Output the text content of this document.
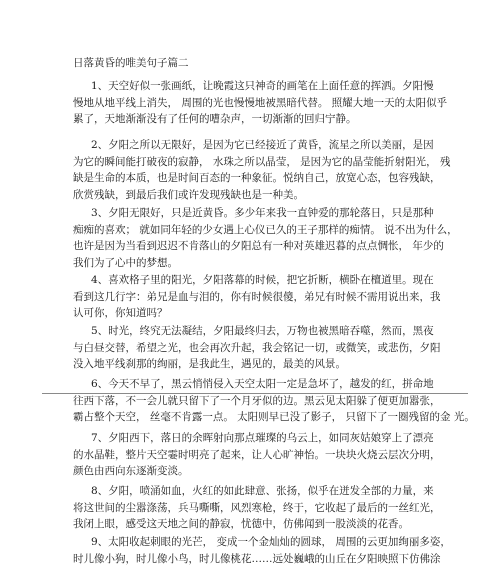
日落黄昏的唯美句子篇二
1、天空好似一张画纸，让晚霞这只神奇的画笔在上面任意的挥洒。夕阳慢
慢地从地平线上消失， 周围的光也慢慢地被黑暗代替。 照耀大地一天的太阳似乎
累了，天地渐渐没有了任何的嘈杂声，一切渐渐的回归宁静。
2、夕阳之所以无限好，是因为它已经接近了黄昏，流星之所以美丽，是因
为它的瞬间能打破夜的寂静， 水珠之所以晶莹， 是因为它的晶莹能折射阳光， 残
缺是生命的本质，也是时间百态的一种象征。悦纳自己，放宽心态，包容残缺，
欣赏残缺，到最后我们或许发现残缺也是一种美。
3、夕阳无限好，只是近黄昏。多少年来我一直钟爱的那轮落日，只是那种
痴痴的喜欢； 就如同年轻的少女遇上心仪已久的王子那样的痴情。 说不出为什么，
也许是因为当看到迟迟不肯落山的夕阳总有一种对英雄迟暮的点点惆怅， 年少的
我们为了心中的梦想。
4、喜欢格子里的阳光，夕阳落幕的时候，把它折断，横卧在檀道里。现在
看到这几行字：弟兄是血与泪的，你有时候很傻，弟兄有时候不需用说出来，我
认可你，你知道吗？
5、时光，终究无法凝结，夕阳最终归去，万物也被黑暗吞噬，然而，黑夜
与白昼交替，希望之光，也会再次升起，我会铭记一切，或微笑，或悲伤，夕阳
没入地平线刹那的绚丽，是我此生，遇见的，最美的风景。
6、今天不早了，黑云悄悄侵入天空太阳一定是急坏了，越发的红，拼命地
往西下落，不一会儿就只留下了一个月牙似的边。黑云见太阳躲了便更加嚣张，
霸占整个天空， 丝毫不肯露一点。 太阳则早已没了影子， 只留下了一圈残留的金 光。
7、夕阳西下，落日的余晖射向那点璀璨的乌云上，如同灰姑娘穿上了漂亮
的水晶鞋，整片天空霎时明亮了起来，让人心旷神怡。一块块火烧云层次分明，
颜色由西向东逐渐变淡。
8、夕阳，喷涌如血，火红的如此肆意、张扬，似乎在迸发全部的力量，来
将这世间的尘嚣涤荡，兵马嘶嘶，风烈寒枪，终于，它收起了最后的一丝红光，
我闭上眼，感受这天地之间的静寂，忧德中，仿佛闻到一股淡淡的花香。
9、太阳收起刺眼的光芒， 变成一个金灿灿的圆球， 周围的云更加绚丽多姿，
时儿像小狗，时儿像小鸟，时儿像桃花……远处巍峨的山丘在夕阳映照下仿佛涂
